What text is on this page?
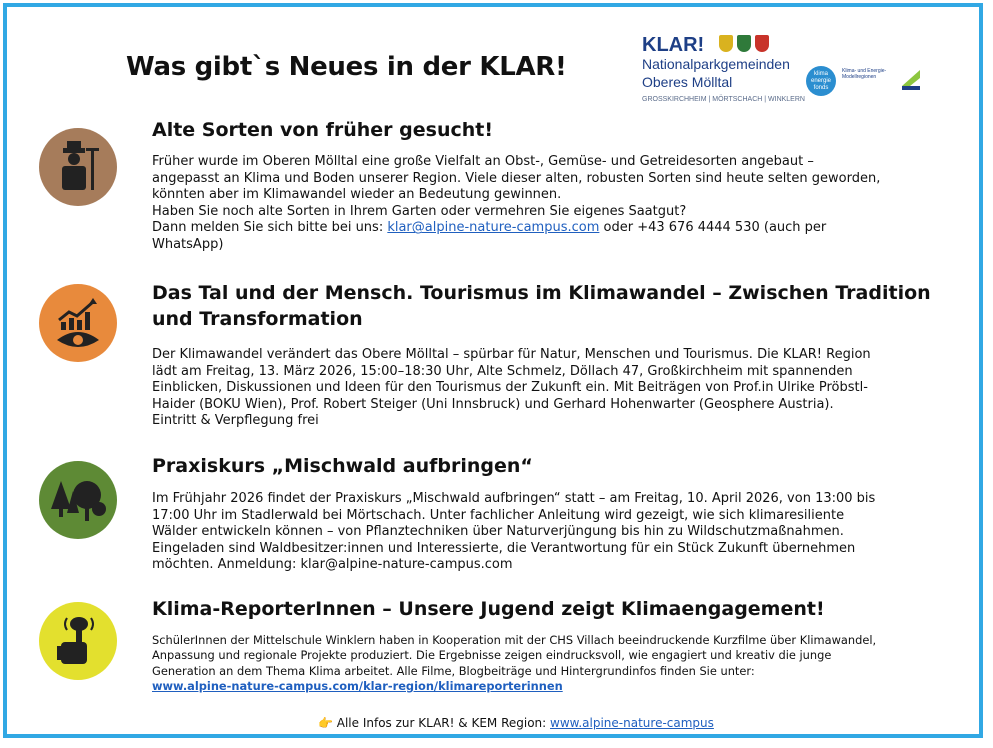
Was gibt`s Neues in der KLAR!
KLAR!
Nationalparkgemeinden
Oberes Mölltal
GROSSKIRCHHEIM | MÖRTSCHACH | WINKLERN
klima energie fonds
Klima- und Energie-Modellregionen
Alte Sorten von früher gesucht!
Früher wurde im Oberen Mölltal eine große Vielfalt an Obst-, Gemüse- und Getreidesorten angebaut –
angepasst an Klima und Boden unserer Region. Viele dieser alten, robusten Sorten sind heute selten geworden,
könnten aber im Klimawandel wieder an Bedeutung gewinnen.
Haben Sie noch alte Sorten in Ihrem Garten oder vermehren Sie eigenes Saatgut?
Dann melden Sie sich bitte bei uns: klar@alpine-nature-campus.com oder +43 676 4444 530 (auch per
WhatsApp)
Das Tal und der Mensch. Tourismus im Klimawandel – Zwischen Tradition
und Transformation
Der Klimawandel verändert das Obere Mölltal – spürbar für Natur, Menschen und Tourismus. Die KLAR! Region
lädt am Freitag, 13. März 2026, 15:00–18:30 Uhr, Alte Schmelz, Döllach 47, Großkirchheim mit spannenden
Einblicken, Diskussionen und Ideen für den Tourismus der Zukunft ein. Mit Beiträgen von Prof.in Ulrike Pröbstl-
Haider (BOKU Wien), Prof. Robert Steiger (Uni Innsbruck) und Gerhard Hohenwarter (Geosphere Austria).
Eintritt & Verpflegung frei
Praxiskurs „Mischwald aufbringen“
Im Frühjahr 2026 findet der Praxiskurs „Mischwald aufbringen“ statt – am Freitag, 10. April 2026, von 13:00 bis
17:00 Uhr im Stadlerwald bei Mörtschach. Unter fachlicher Anleitung wird gezeigt, wie sich klimaresiliente
Wälder entwickeln können – von Pflanztechniken über Naturverjüngung bis hin zu Wildschutzmaßnahmen.
Eingeladen sind Waldbesitzer:innen und Interessierte, die Verantwortung für ein Stück Zukunft übernehmen
möchten. Anmeldung: klar@alpine-nature-campus.com
Klima-ReporterInnen – Unsere Jugend zeigt Klimaengagement!
SchülerInnen der Mittelschule Winklern haben in Kooperation mit der CHS Villach beeindruckende Kurzfilme über Klimawandel,
Anpassung und regionale Projekte produziert. Die Ergebnisse zeigen eindrucksvoll, wie engagiert und kreativ die junge
Generation an dem Thema Klima arbeitet. Alle Filme, Blogbeiträge und Hintergrundinfos finden Sie unter:
www.alpine-nature-campus.com/klar-region/klimareporterinnen
👉 Alle Infos zur KLAR! & KEM Region: www.alpine-nature-campus
